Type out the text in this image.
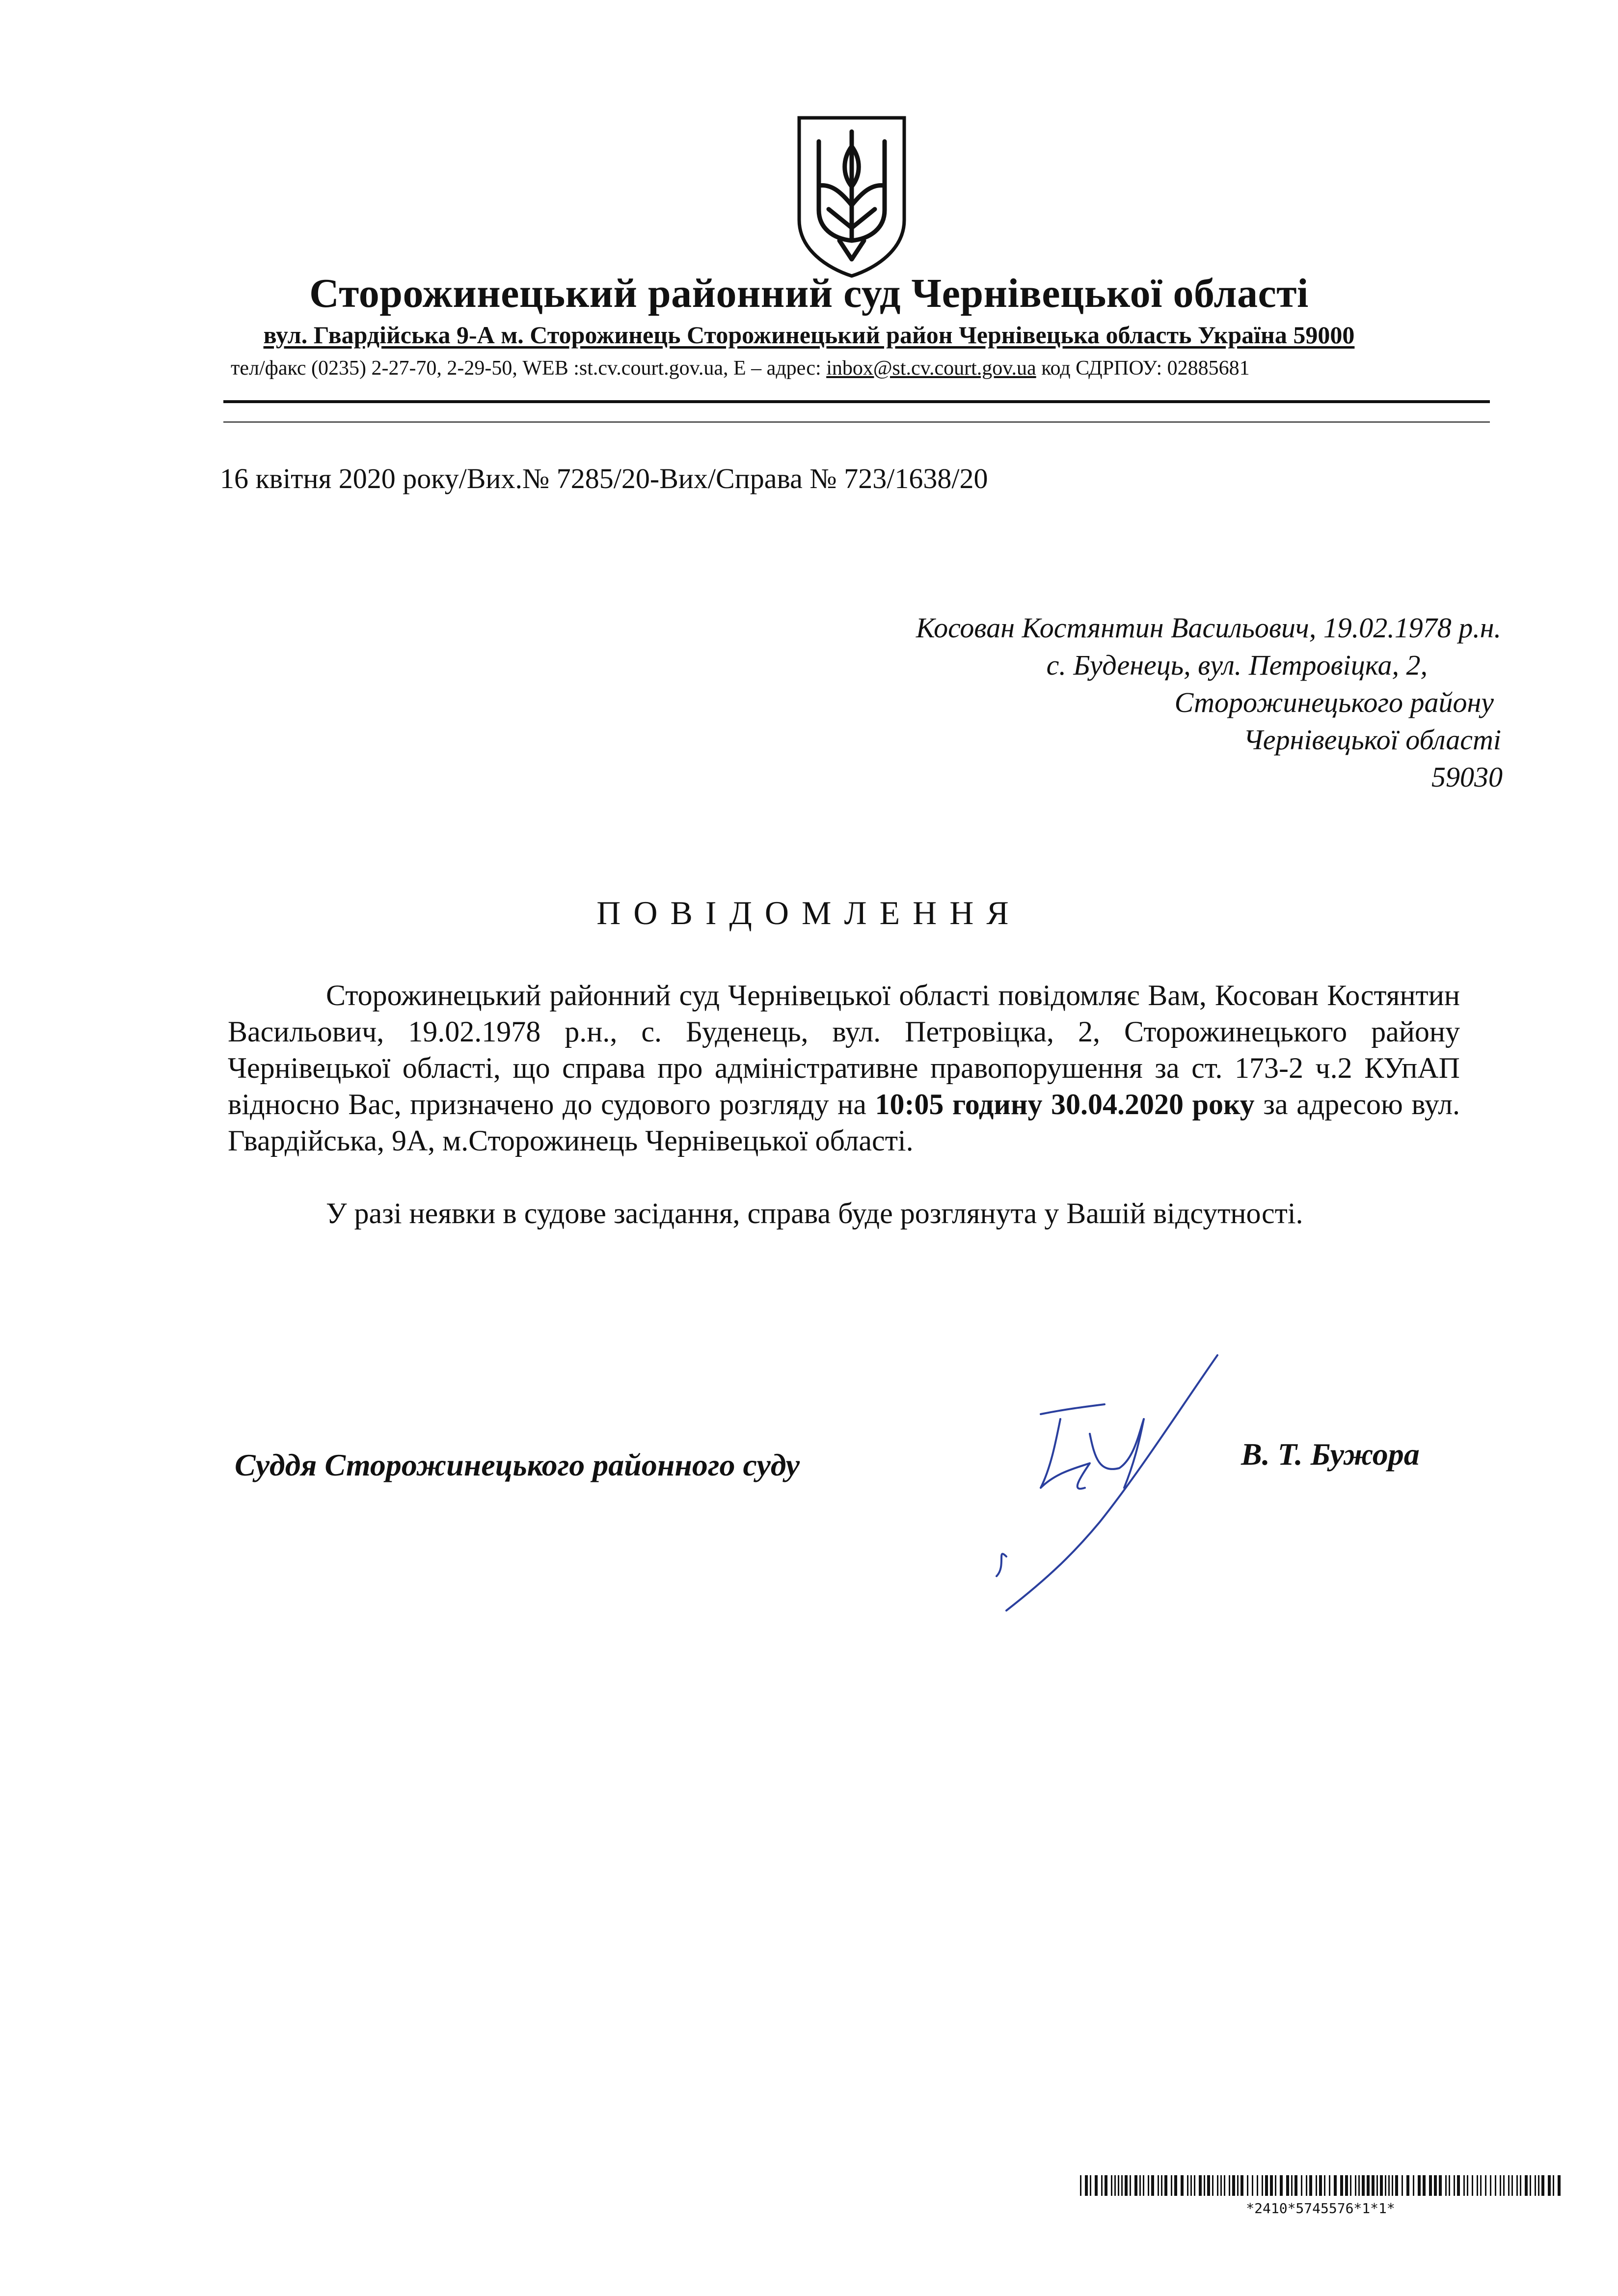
Сторожинецький районний суд Чернівецької області
вул. Гвардійська 9-А м. Сторожинець Сторожинецький район Чернівецька область Україна 59000
тел/факс (0235) 2-27-70, 2-29-50, WEB :st.cv.court.gov.ua, E – адрес: inbox@st.cv.court.gov.ua код СДРПОУ: 02885681
16 квітня 2020 року/Вих.№ 7285/20-Вих/Справа № 723/1638/20
Косован Костянтин Васильович, 19.02.1978 р.н.
с. Буденець, вул. Петровіцка, 2,
Сторожинецького району
Чернівецької області
59030
ПОВІДОМЛЕННЯ

Сторожинецький районний суд Чернівецької області повідомляє Вам, Косован Костянтин Васильович, 19.02.1978 р.н., с. Буденець, вул. Петровіцка, 2, Сторожинецького району Чернівецької області, що справа про адміністративне правопорушення за ст. 173-2 ч.2 КУпАП відносно Вас, призначено до судового розгляду на 10:05 годину 30.04.2020 року за адресою вул. Гвардійська, 9А, м.Сторожинець Чернівецької області.

У разі неявки в судове засідання, справа буде розглянута у Вашій відсутності.

Суддя Сторожинецького районного суду	В. Т. Бужора
*2410*5745576*1*1*
